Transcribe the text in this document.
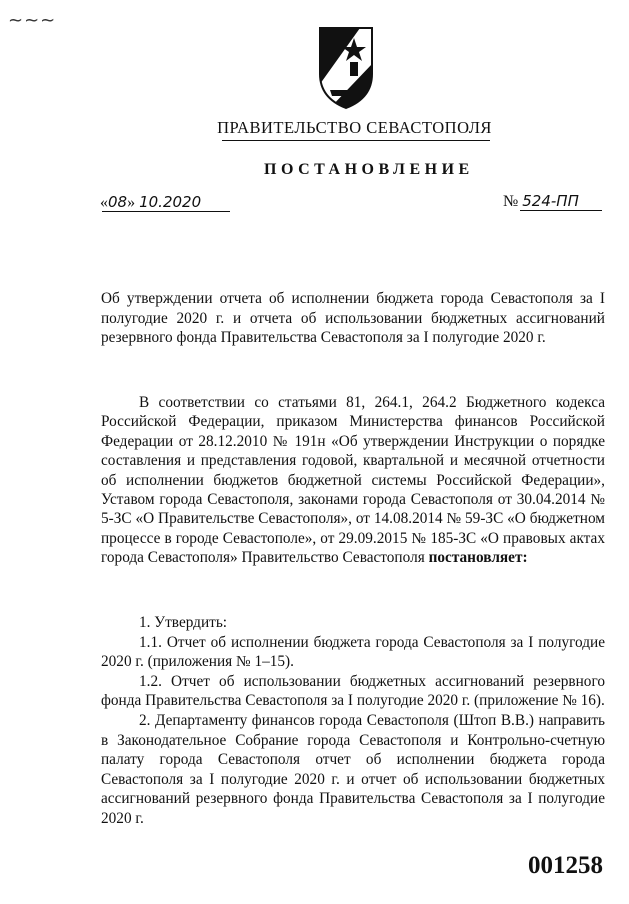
~~~
ПРАВИТЕЛЬСТВО СЕВАСТОПОЛЯ
ПОСТАНОВЛЕНИЕ
«08» 10.2020	№ 524-ПП
Об утверждении отчета об исполнении бюджета города Севастополя за I полугодие 2020 г. и отчета об использовании бюджетных ассигнований резервного фонда Правительства Севастополя за I полугодие 2020 г.

В соответствии со статьями 81, 264.1, 264.2 Бюджетного кодекса Российской Федерации, приказом Министерства финансов Российской Федерации от 28.12.2010 № 191н «Об утверждении Инструкции о порядке составления и представления годовой, квартальной и месячной отчетности об исполнении бюджетов бюджетной системы Российской Федерации», Уставом города Севастополя, законами города Севастополя от 30.04.2014 № 5-ЗС «О Правительстве Севастополя», от 14.08.2014 № 59-ЗС «О бюджетном процессе в городе Севастополе», от 29.09.2015 № 185-ЗС «О правовых актах города Севастополя» Правительство Севастополя постановляет:

1. Утвердить:

1.1. Отчет об исполнении бюджета города Севастополя за I полугодие 2020 г. (приложения № 1–15).

1.2. Отчет об использовании бюджетных ассигнований резервного фонда Правительства Севастополя за I полугодие 2020 г. (приложение № 16).

2. Департаменту финансов города Севастополя (Штоп В.В.) направить в Законодательное Собрание города Севастополя и Контрольно-счетную палату города Севастополя отчет об исполнении бюджета города Севастополя за I полугодие 2020 г. и отчет об использовании бюджетных ассигнований резервного фонда Правительства Севастополя за I полугодие 2020 г.

001258
